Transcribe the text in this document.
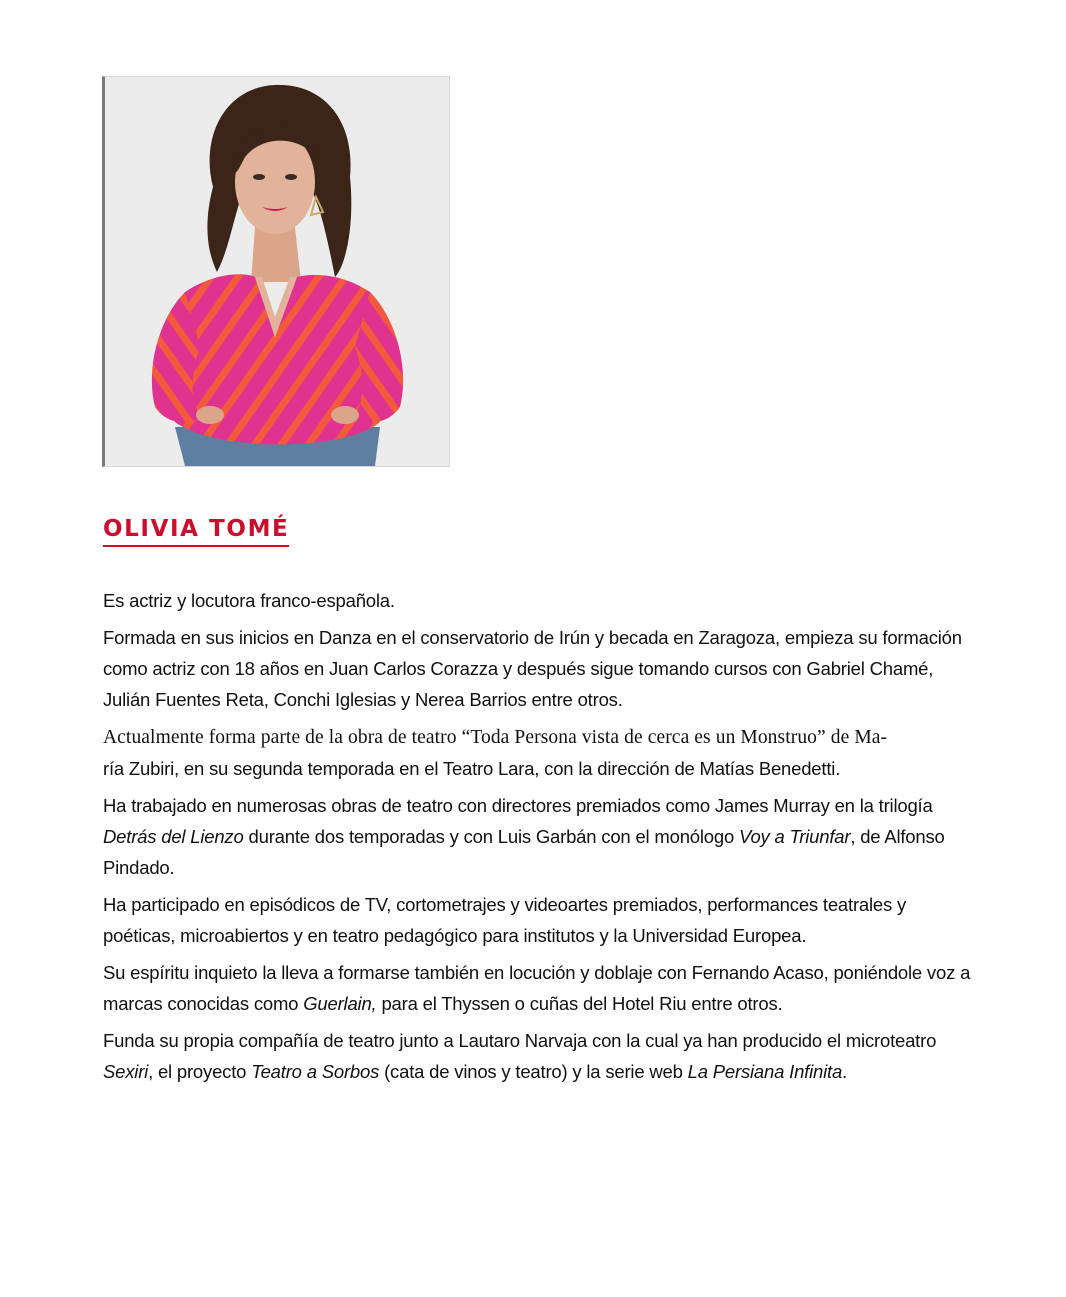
OLIVIA TOMÉ

Es actriz y locutora franco-española.

Formada en sus inicios en Danza en el conservatorio de Irún y becada en Zaragoza, empieza su formación como actriz con 18 años en Juan Carlos Corazza y después sigue tomando cursos con Gabriel Chamé, Julián Fuentes Reta, Conchi Iglesias y Nerea Barrios entre otros.

Actualmente forma parte de la obra de teatro “Toda Persona vista de cerca es un Monstruo” de Ma-
ría Zubiri, en su segunda temporada en el Teatro Lara, con la dirección de Matías Benedetti.

Ha trabajado en numerosas obras de teatro con directores premiados como James Murray en la trilogía Detrás del Lienzo durante dos temporadas y con Luis Garbán con el monólogo Voy a Triunfar, de Alfonso Pindado.

Ha participado en episódicos de TV, cortometrajes y videoartes premiados, performances teatrales y poéticas, microabiertos y en teatro pedagógico para institutos y la Universidad Europea.

Su espíritu inquieto la lleva a formarse también en locución y doblaje con Fernando Acaso, poniéndole voz a marcas conocidas como Guerlain, para el Thyssen o cuñas del Hotel Riu entre otros.

Funda su propia compañía de teatro junto a Lautaro Narvaja con la cual ya han producido el microteatro Sexiri, el proyecto Teatro a Sorbos (cata de vinos y teatro) y la serie web La Persiana Infinita.
